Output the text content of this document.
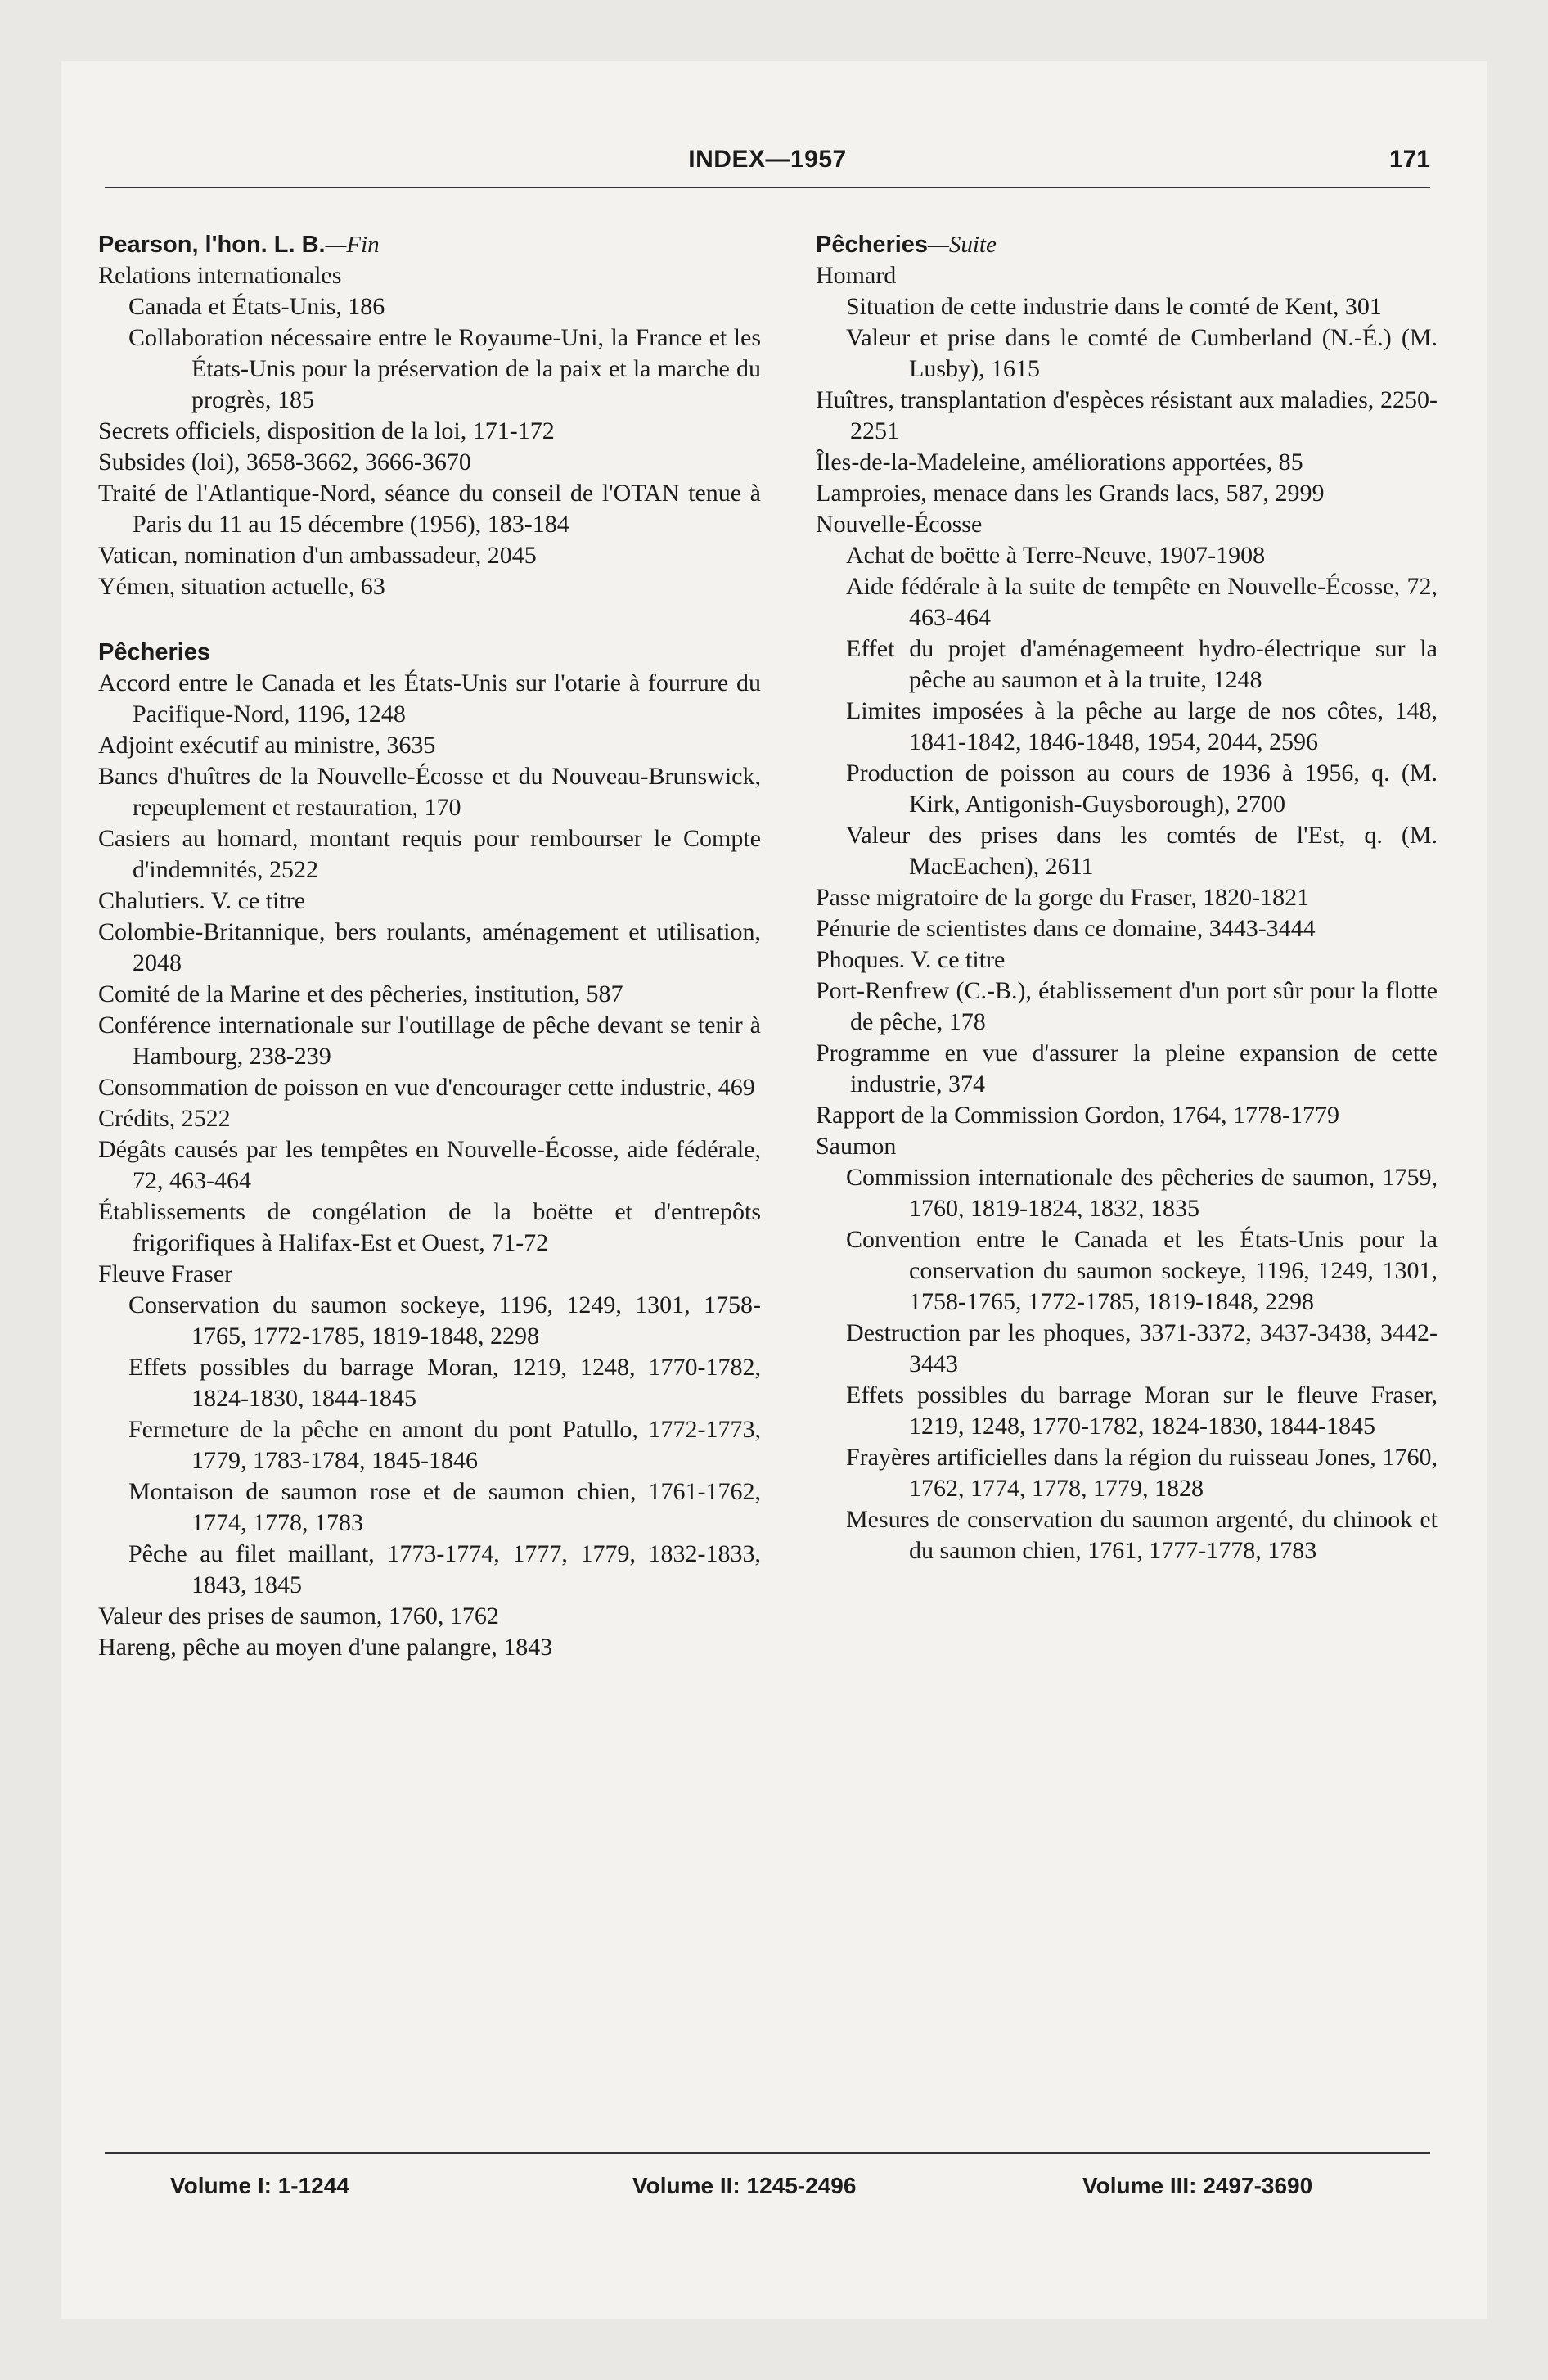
INDEX—1957	171

Pearson, l'hon. L. B.—Fin

Relations internationales

Canada et États-Unis, 186

Collaboration nécessaire entre le Royaume-Uni, la France et les États-Unis pour la préservation de la paix et la marche du progrès, 185

Secrets officiels, disposition de la loi, 171-172

Subsides (loi), 3658-3662, 3666-3670

Traité de l'Atlantique-Nord, séance du conseil de l'OTAN tenue à Paris du 11 au 15 décembre (1956), 183-184

Vatican, nomination d'un ambassadeur, 2045

Yémen, situation actuelle, 63

Pêcheries

Accord entre le Canada et les États-Unis sur l'otarie à fourrure du Pacifique-Nord, 1196, 1248

Adjoint exécutif au ministre, 3635

Bancs d'huîtres de la Nouvelle-Écosse et du Nouveau-Brunswick, repeuplement et restauration, 170

Casiers au homard, montant requis pour rembourser le Compte d'indemnités, 2522

Chalutiers. V. ce titre

Colombie-Britannique, bers roulants, aménagement et utilisation, 2048

Comité de la Marine et des pêcheries, institution, 587

Conférence internationale sur l'outillage de pêche devant se tenir à Hambourg, 238-239

Consommation de poisson en vue d'encourager cette industrie, 469

Crédits, 2522

Dégâts causés par les tempêtes en Nouvelle-Écosse, aide fédérale, 72, 463-464

Établissements de congélation de la boëtte et d'entrepôts frigorifiques à Halifax-Est et Ouest, 71-72

Fleuve Fraser

Conservation du saumon sockeye, 1196, 1249, 1301, 1758-1765, 1772-1785, 1819-1848, 2298

Effets possibles du barrage Moran, 1219, 1248, 1770-1782, 1824-1830, 1844-1845

Fermeture de la pêche en amont du pont Patullo, 1772-1773, 1779, 1783-1784, 1845-1846

Montaison de saumon rose et de saumon chien, 1761-1762, 1774, 1778, 1783

Pêche au filet maillant, 1773-1774, 1777, 1779, 1832-1833, 1843, 1845

Valeur des prises de saumon, 1760, 1762

Hareng, pêche au moyen d'une palangre, 1843

Pêcheries—Suite

Homard

Situation de cette industrie dans le comté de Kent, 301

Valeur et prise dans le comté de Cumberland (N.-É.) (M. Lusby), 1615

Huîtres, transplantation d'espèces résistant aux maladies, 2250-2251

Îles-de-la-Madeleine, améliorations apportées, 85

Lamproies, menace dans les Grands lacs, 587, 2999

Nouvelle-Écosse

Achat de boëtte à Terre-Neuve, 1907-1908

Aide fédérale à la suite de tempête en Nouvelle-Écosse, 72, 463-464

Effet du projet d'aménagemeent hydro-électrique sur la pêche au saumon et à la truite, 1248

Limites imposées à la pêche au large de nos côtes, 148, 1841-1842, 1846-1848, 1954, 2044, 2596

Production de poisson au cours de 1936 à 1956, q. (M. Kirk, Antigonish-Guysborough), 2700

Valeur des prises dans les comtés de l'Est, q. (M. MacEachen), 2611

Passe migratoire de la gorge du Fraser, 1820-1821

Pénurie de scientistes dans ce domaine, 3443-3444

Phoques. V. ce titre

Port-Renfrew (C.-B.), établissement d'un port sûr pour la flotte de pêche, 178

Programme en vue d'assurer la pleine expansion de cette industrie, 374

Rapport de la Commission Gordon, 1764, 1778-1779

Saumon

Commission internationale des pêcheries de saumon, 1759, 1760, 1819-1824, 1832, 1835

Convention entre le Canada et les États-Unis pour la conservation du saumon sockeye, 1196, 1249, 1301, 1758-1765, 1772-1785, 1819-1848, 2298

Destruction par les phoques, 3371-3372, 3437-3438, 3442-3443

Effets possibles du barrage Moran sur le fleuve Fraser, 1219, 1248, 1770-1782, 1824-1830, 1844-1845

Frayères artificielles dans la région du ruisseau Jones, 1760, 1762, 1774, 1778, 1779, 1828

Mesures de conservation du saumon argenté, du chinook et du saumon chien, 1761, 1777-1778, 1783

Volume I: 1-1244	Volume II: 1245-2496	Volume III: 2497-3690
